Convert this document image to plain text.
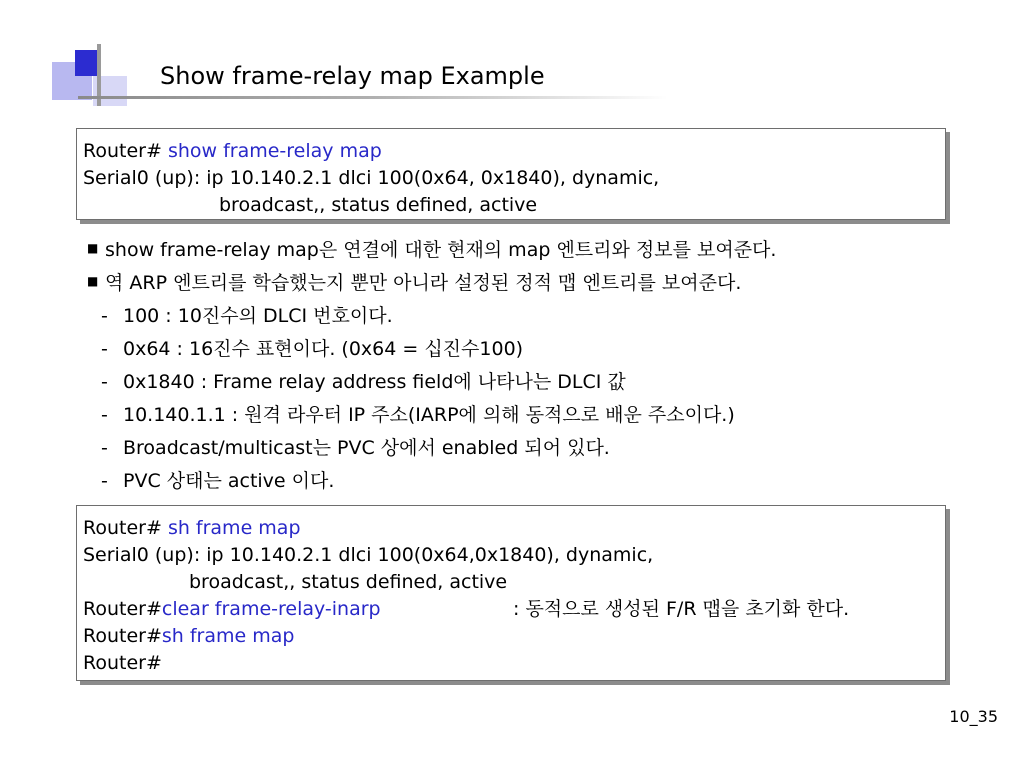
Show frame-relay map Example
Router# show frame-relay map
Serial0 (up): ip 10.140.2.1 dlci 100(0x64, 0x1840), dynamic,
broadcast,, status defined, active
■ show frame-relay map은 연결에 대한 현재의 map 엔트리와 정보를 보여준다.
■ 역 ARP 엔트리를 학습했는지 뿐만 아니라 설정된 정적 맵 엔트리를 보여준다.
- 100 : 10진수의 DLCI 번호이다.
- 0x64 : 16진수 표현이다. (0x64 = 십진수100)
- 0x1840 : Frame relay address field에 나타나는 DLCI 값
- 10.140.1.1 : 원격 라우터 IP 주소(IARP에 의해 동적으로 배운 주소이다.)
- Broadcast/multicast는 PVC 상에서 enabled 되어 있다.
- PVC 상태는 active 이다.
Router# sh frame map
Serial0 (up): ip 10.140.2.1 dlci 100(0x64,0x1840), dynamic,
broadcast,, status defined, active
Router#clear frame-relay-inarp	: 동적으로 생성된 F/R 맵을 초기화 한다.
Router#sh frame map
Router#
10_35
